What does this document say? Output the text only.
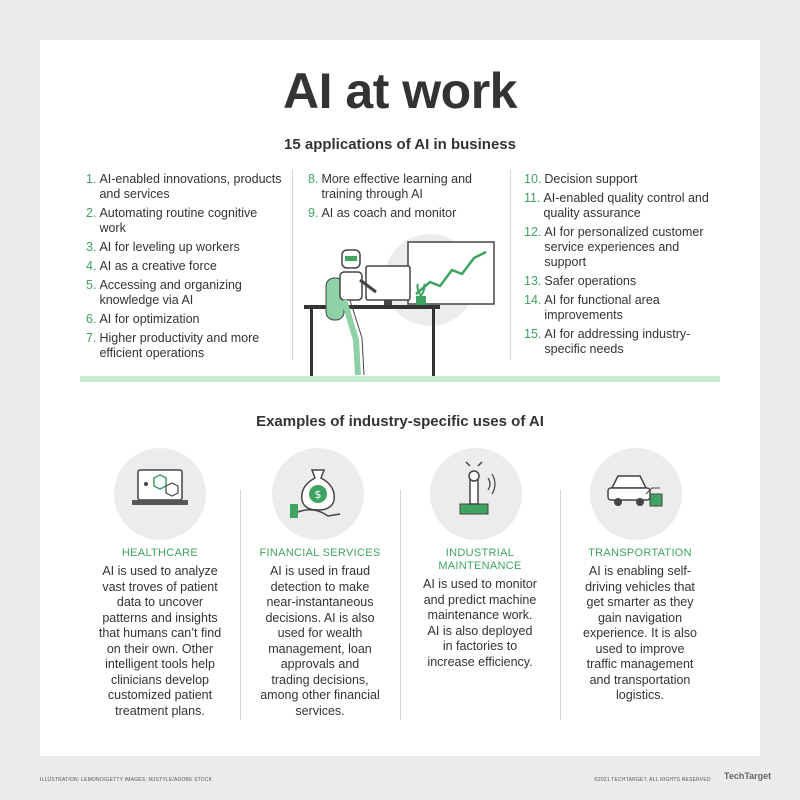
AI at work
15 applications of AI in business
1. AI-enabled innovations, products and services
2. Automating routine cognitive work
3. AI for leveling up workers
4. AI as a creative force
5. Accessing and organizing knowledge via AI
6. AI for optimization
7. Higher productivity and more efficient operations
8. More effective learning and training through AI
9. AI as coach and monitor
10. Decision support
11. AI-enabled quality control and quality assurance
12. AI for personalized customer service experiences and support
13. Safer operations
14. AI for functional area improvements
15. AI for addressing industry-specific needs
Examples of industry-specific uses of AI
$
HEALTHCARE
AI is used to analyze vast troves of patient data to uncover patterns and insights that humans can’t find on their own. Other intelligent tools help clinicians develop customized patient treatment plans.
FINANCIAL SERVICES
AI is used in fraud detection to make near-instantaneous decisions. AI is also used for wealth management, loan approvals and trading decisions, among other financial services.
INDUSTRIAL MAINTENANCE
AI is used to monitor and predict machine maintenance work. AI is also deployed in factories to increase efficiency.
TRANSPORTATION
AI is enabling self-driving vehicles that get smarter as they gain navigation experience. It is also used to improve traffic management and transportation logistics.
ILLUSTRATION: LEMONO/GETTY IMAGES; MJSTYLE/ADOBE STOCK	©2021 TECHTARGET. ALL RIGHTS RESERVED TechTarget
